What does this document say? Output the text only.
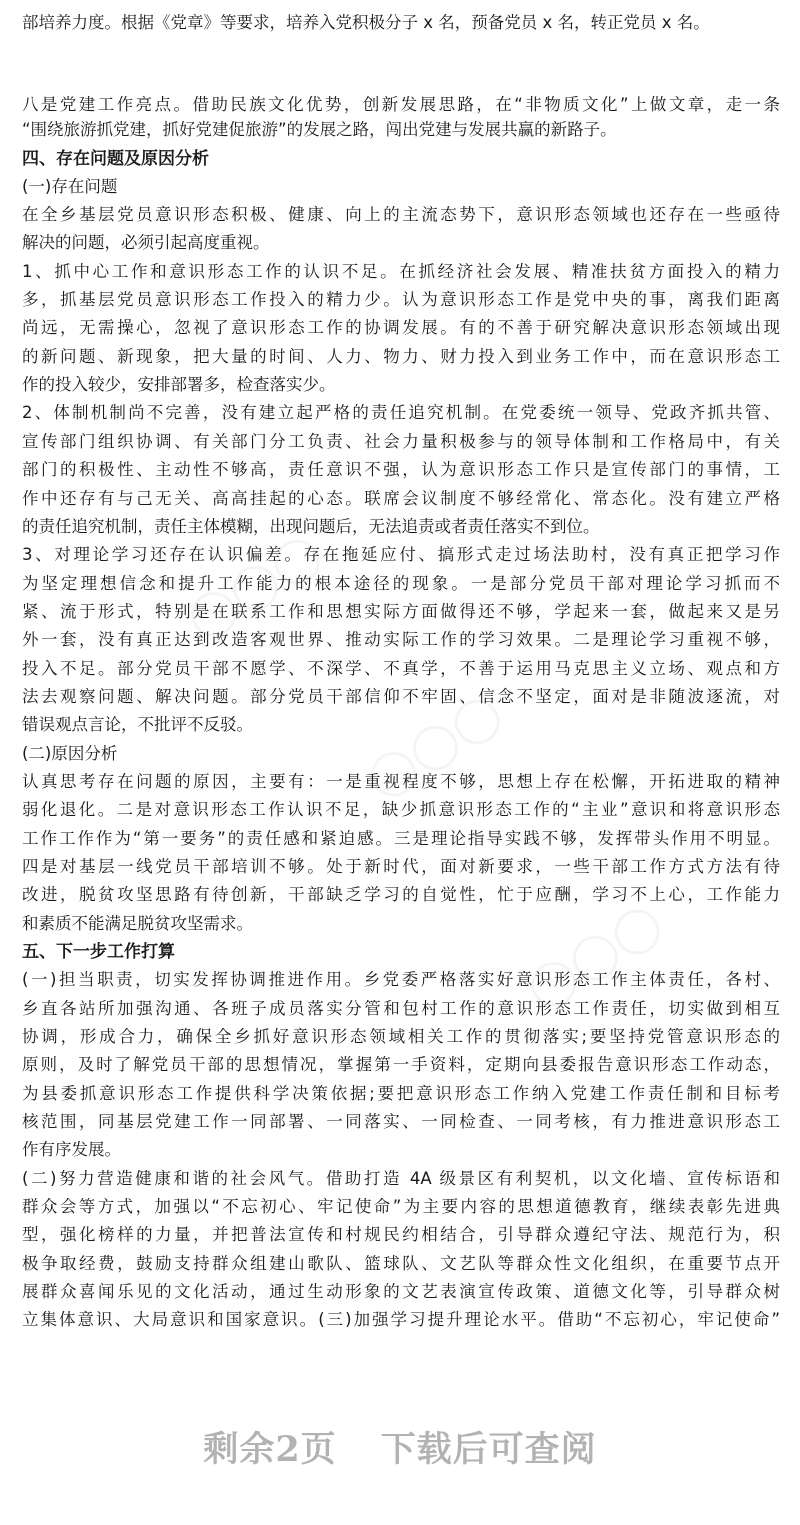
◯◯◯
◯◯◯
◯◯◯
部培养力度。根据《党章》等要求，培养入党积极分子 x 名，预备党员 x 名，转正党员 x 名。
八是党建工作亮点。借助民族文化优势，创新发展思路，在“非物质文化”上做文章，走一条
“围绕旅游抓党建，抓好党建促旅游”的发展之路，闯出党建与发展共赢的新路子。
四、存在问题及原因分析
(一)存在问题
在全乡基层党员意识形态积极、健康、向上的主流态势下，意识形态领域也还存在一些亟待
解决的问题，必须引起高度重视。
1、抓中心工作和意识形态工作的认识不足。在抓经济社会发展、精准扶贫方面投入的精力
多，抓基层党员意识形态工作投入的精力少。认为意识形态工作是党中央的事，离我们距离
尚远，无需操心，忽视了意识形态工作的协调发展。有的不善于研究解决意识形态领域出现
的新问题、新现象，把大量的时间、人力、物力、财力投入到业务工作中，而在意识形态工
作的投入较少，安排部署多，检查落实少。
2、体制机制尚不完善，没有建立起严格的责任追究机制。在党委统一领导、党政齐抓共管、
宣传部门组织协调、有关部门分工负责、社会力量积极参与的领导体制和工作格局中，有关
部门的积极性、主动性不够高，责任意识不强，认为意识形态工作只是宣传部门的事情，工
作中还存有与己无关、高高挂起的心态。联席会议制度不够经常化、常态化。没有建立严格
的责任追究机制，责任主体模糊，出现问题后，无法追责或者责任落实不到位。
3、对理论学习还存在认识偏差。存在拖延应付、搞形式走过场法助村，没有真正把学习作
为坚定理想信念和提升工作能力的根本途径的现象。一是部分党员干部对理论学习抓而不
紧、流于形式，特别是在联系工作和思想实际方面做得还不够，学起来一套，做起来又是另
外一套，没有真正达到改造客观世界、推动实际工作的学习效果。二是理论学习重视不够，
投入不足。部分党员干部不愿学、不深学、不真学，不善于运用马克思主义立场、观点和方
法去观察问题、解决问题。部分党员干部信仰不牢固、信念不坚定，面对是非随波逐流，对
错误观点言论，不批评不反驳。
(二)原因分析
认真思考存在问题的原因，主要有：一是重视程度不够，思想上存在松懈，开拓进取的精神
弱化退化。二是对意识形态工作认识不足，缺少抓意识形态工作的“主业”意识和将意识形态
工作工作作为“第一要务”的责任感和紧迫感。三是理论指导实践不够，发挥带头作用不明显。
四是对基层一线党员干部培训不够。处于新时代，面对新要求，一些干部工作方式方法有待
改进，脱贫攻坚思路有待创新，干部缺乏学习的自觉性，忙于应酬，学习不上心，工作能力
和素质不能满足脱贫攻坚需求。
五、下一步工作打算
(一)担当职责，切实发挥协调推进作用。乡党委严格落实好意识形态工作主体责任，各村、
乡直各站所加强沟通、各班子成员落实分管和包村工作的意识形态工作责任，切实做到相互
协调，形成合力，确保全乡抓好意识形态领域相关工作的贯彻落实;要坚持党管意识形态的
原则，及时了解党员干部的思想情况，掌握第一手资料，定期向县委报告意识形态工作动态，
为县委抓意识形态工作提供科学决策依据;要把意识形态工作纳入党建工作责任制和目标考
核范围，同基层党建工作一同部署、一同落实、一同检查、一同考核，有力推进意识形态工
作有序发展。
(二)努力营造健康和谐的社会风气。借助打造 4A 级景区有利契机，以文化墙、宣传标语和
群众会等方式，加强以“不忘初心、牢记使命”为主要内容的思想道德教育，继续表彰先进典
型，强化榜样的力量，并把普法宣传和村规民约相结合，引导群众遵纪守法、规范行为，积
极争取经费，鼓励支持群众组建山歌队、篮球队、文艺队等群众性文化组织，在重要节点开
展群众喜闻乐见的文化活动，通过生动形象的文艺表演宣传政策、道德文化等，引导群众树
立集体意识、大局意识和国家意识。(三)加强学习提升理论水平。借助“不忘初心，牢记使命”
剩余2页 下载后可查阅
